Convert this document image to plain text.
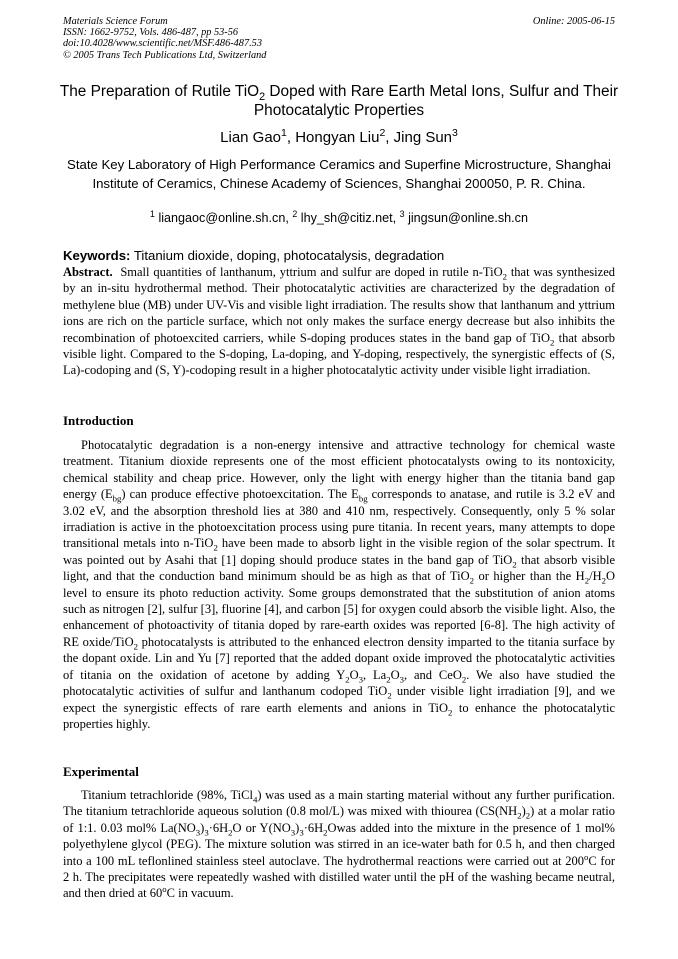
Materials Science Forum
ISSN: 1662-9752, Vols. 486-487, pp 53-56
doi:10.4028/www.scientific.net/MSF.486-487.53
© 2005 Trans Tech Publications Ltd, Switzerland
Online: 2005-06-15
The Preparation of Rutile TiO$_2$ Doped with Rare Earth Metal Ions, Sulfur and Their Photocatalytic Properties
Lian Gao$^1$, Hongyan Liu$^2$, Jing Sun$^3$
State Key Laboratory of High Performance Ceramics and Superfine Microstructure, Shanghai Institute of Ceramics, Chinese Academy of Sciences, Shanghai 200050, P. R. China.
$^1$ liangaoc@online.sh.cn, $^2$ lhy_sh@citiz.net, $^3$ jingsun@online.sh.cn
Keywords: Titanium dioxide, doping, photocatalysis, degradation
Abstract. Small quantities of lanthanum, yttrium and sulfur are doped in rutile n-TiO$_2$ that was synthesized by an in-situ hydrothermal method. Their photocatalytic activities are characterized by the degradation of methylene blue (MB) under UV-Vis and visible light irradiation. The results show that lanthanum and yttrium ions are rich on the particle surface, which not only makes the surface energy decrease but also inhibits the recombination of photoexcited carriers, while S-doping produces states in the band gap of TiO$_2$ that absorb visible light. Compared to the S-doping, La-doping, and Y-doping, respectively, the synergistic effects of (S, La)-codoping and (S, Y)-codoping result in a higher photocatalytic activity under visible light irradiation.
Introduction
Photocatalytic degradation is a non-energy intensive and attractive technology for chemical waste treatment. Titanium dioxide represents one of the most efficient photocatalysts owing to its nontoxicity, chemical stability and cheap price. However, only the light with energy higher than the titania band gap energy $(E_{bg})$ can produce effective photoexcitation. The $E_{bg}$ corresponds to anatase, and rutile is 3.2 eV and 3.02 eV, and the absorption threshold lies at 380 and 410 nm, respectively. Consequently, only 5 % solar irradiation is active in the photoexcitation process using pure titania. In recent years, many attempts to dope transitional metals into n-TiO$_2$ have been made to absorb light in the visible region of the solar spectrum. It was pointed out by Asahi that [1] doping should produce states in the band gap of TiO$_2$ that absorb visible light, and that the conduction band minimum should be as high as that of TiO$_2$ or higher than the $H_2/H_2O$ level to ensure its photo reduction activity. Some groups demonstrated that the substitution of anion atoms such as nitrogen [2], sulfur [3], fluorine [4], and carbon [5] for oxygen could absorb the visible light. Also, the enhancement of photoactivity of titania doped by rare-earth oxides was reported [6-8]. The high activity of RE oxide/TiO$_2$ photocatalysts is attributed to the enhanced electron density imparted to the titania surface by the dopant oxide. Lin and Yu [7] reported that the added dopant oxide improved the photocatalytic activities of titania on the oxidation of acetone by adding $Y_2O_3$, $La_2O_3$, and CeO$_2$. We also have studied the photocatalytic activities of sulfur and lanthanum codoped TiO$_2$ under visible light irradiation [9], and we expect the synergistic effects of rare earth elements and anions in TiO$_2$ to enhance the photocatalytic properties highly.
Experimental
Titanium tetrachloride (98%, TiCl$_4$) was used as a main starting material without any further purification. The titanium tetrachloride aqueous solution (0.8 mol/L) was mixed with thiourea $(CS(NH_2)_2)$ at a molar ratio of 1:1. 0.03 mol% $La(NO_3)_3\cdot 6H_2O$ or $Y(NO_3)_3\cdot 6H_2Owas$ added into the mixture in the presence of 1 mol% polyethylene glycol (PEG). The mixture solution was stirred in an ice-water bath for 0.5 h, and then charged into a 100 mL teflonlined stainless steel autoclave. The hydrothermal reactions were carried out at 200$^o$C for 2 h. The precipitates were repeatedly washed with distilled water until the pH of the washing became neutral, and then dried at 60$^o$C in vacuum.
